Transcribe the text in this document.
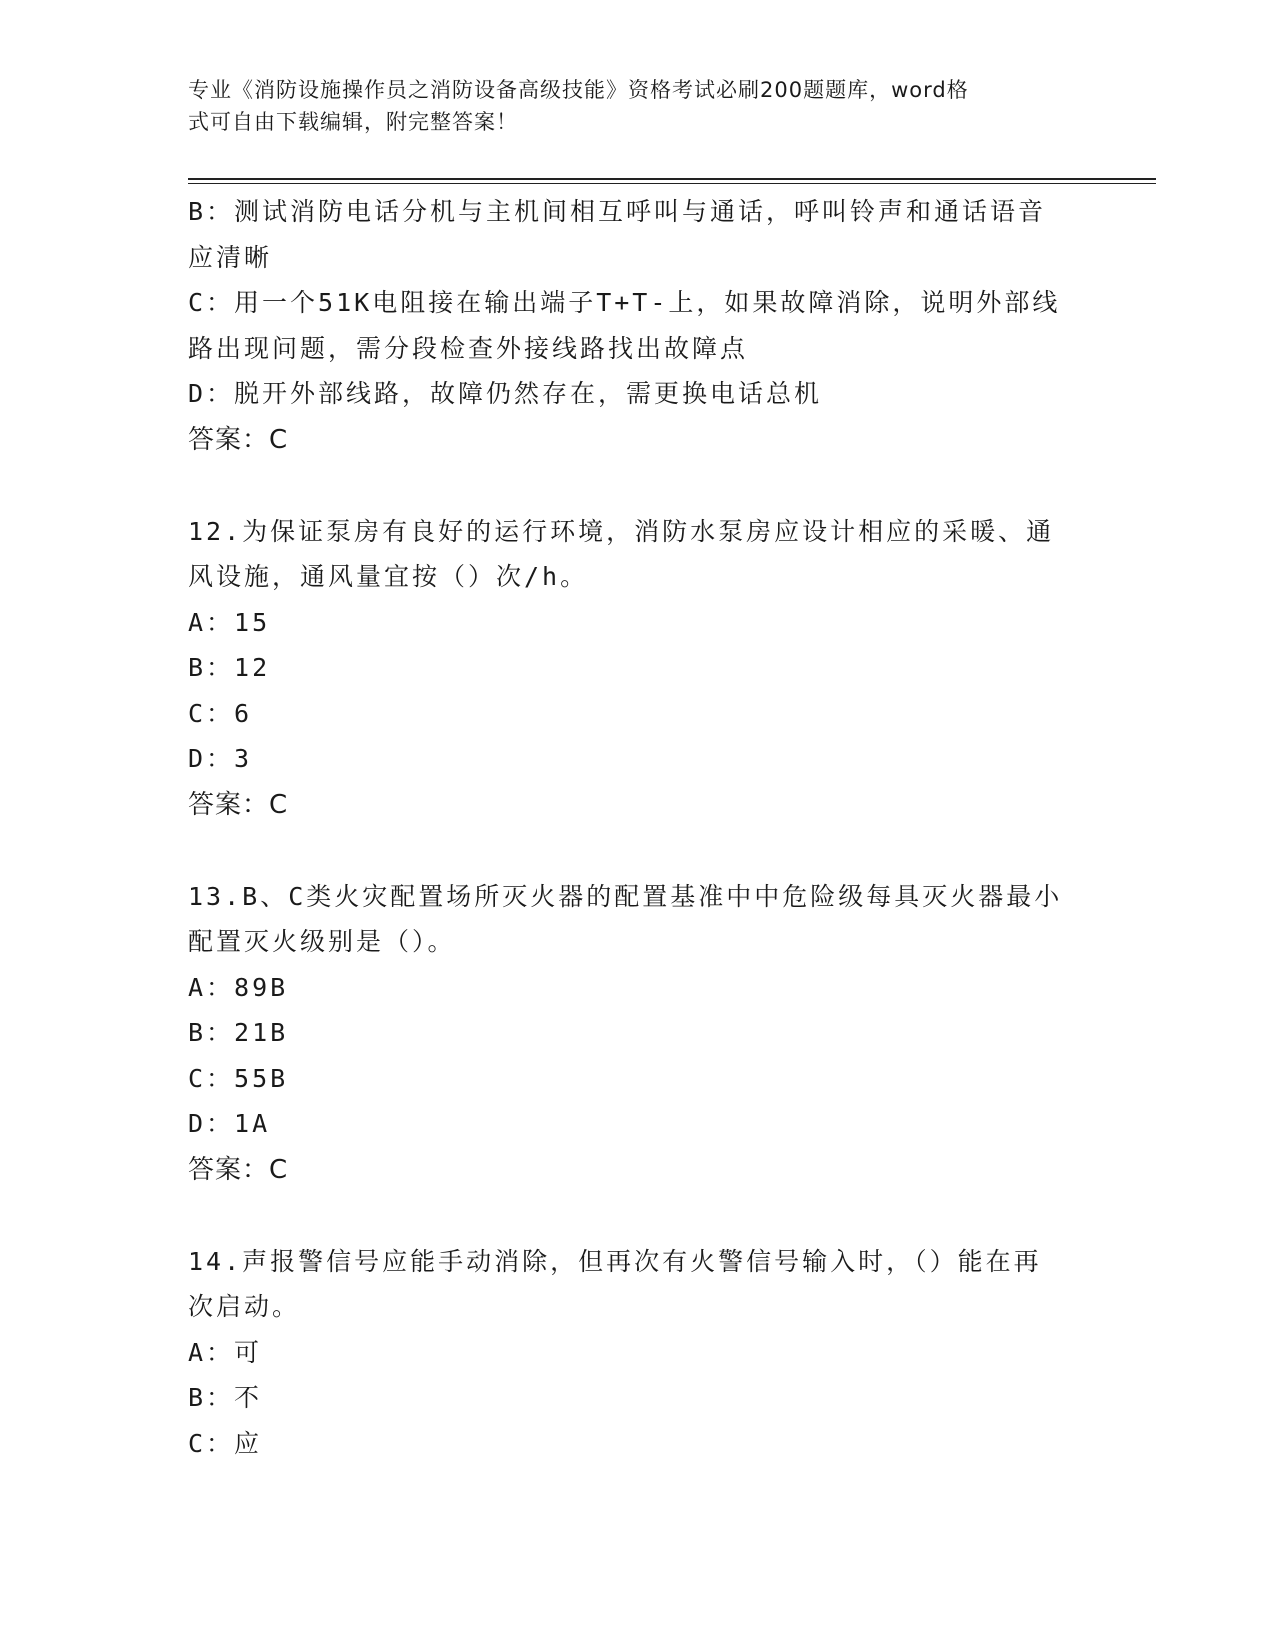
专业《消防设施操作员之消防设备高级技能》资格考试必刷200题题库，word格
式可自由下载编辑，附完整答案！
B：测试消防电话分机与主机间相互呼叫与通话，呼叫铃声和通话语音
应清晰
C：用一个51K电阻接在输出端子T+T-上，如果故障消除，说明外部线
路出现问题，需分段检查外接线路找出故障点
D：脱开外部线路，故障仍然存在，需更换电话总机
答案：C
12.为保证泵房有良好的运行环境，消防水泵房应设计相应的采暖、通
风设施，通风量宜按（）次/h。
A：15
B：12
C：6
D：3
答案：C
13.B、C类火灾配置场所灭火器的配置基准中中危险级每具灭火器最小
配置灭火级别是（）。
A：89B
B：21B
C：55B
D：1A
答案：C
14.声报警信号应能手动消除，但再次有火警信号输入时，（）能在再
次启动。
A：可
B：不
C：应
